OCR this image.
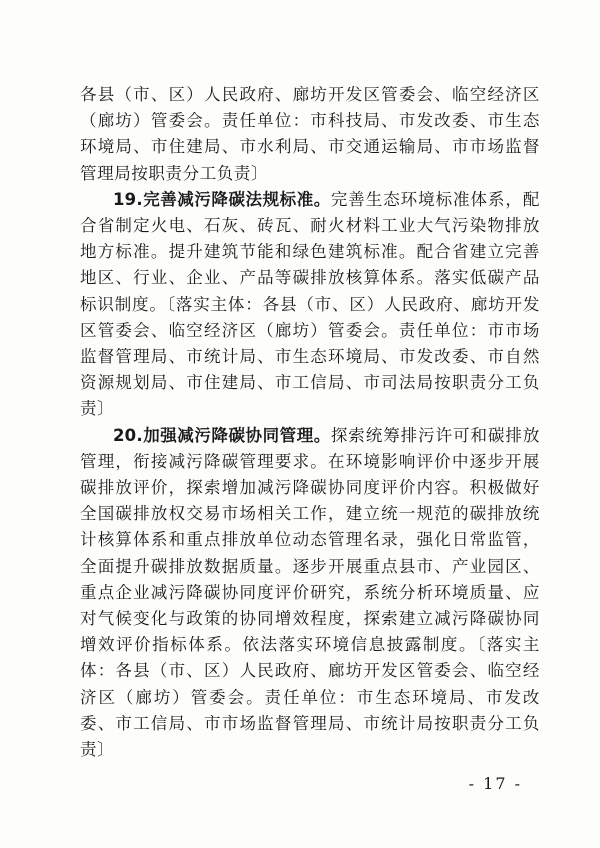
各县（市、区）人民政府、廊坊开发区管委会、临空经济区（廊坊）管委会。责任单位：市科技局、市发改委、市生态环境局、市住建局、市水利局、市交通运输局、市市场监督管理局按职责分工负责〕

19.完善减污降碳法规标准。完善生态环境标准体系，配合省制定火电、石灰、砖瓦、耐火材料工业大气污染物排放地方标准。提升建筑节能和绿色建筑标准。配合省建立完善地区、行业、企业、产品等碳排放核算体系。落实低碳产品标识制度。〔落实主体：各县（市、区）人民政府、廊坊开发区管委会、临空经济区（廊坊）管委会。责任单位：市市场监督管理局、市统计局、市生态环境局、市发改委、市自然资源规划局、市住建局、市工信局、市司法局按职责分工负责〕

20.加强减污降碳协同管理。探索统筹排污许可和碳排放管理，衔接减污降碳管理要求。在环境影响评价中逐步开展碳排放评价，探索增加减污降碳协同度评价内容。积极做好全国碳排放权交易市场相关工作，建立统一规范的碳排放统计核算体系和重点排放单位动态管理名录，强化日常监管，全面提升碳排放数据质量。逐步开展重点县市、产业园区、重点企业减污降碳协同度评价研究，系统分析环境质量、应对气候变化与政策的协同增效程度，探索建立减污降碳协同增效评价指标体系。依法落实环境信息披露制度。〔落实主体：各县（市、区）人民政府、廊坊开发区管委会、临空经济区（廊坊）管委会。责任单位：市生态环境局、市发改委、市工信局、市市场监督管理局、市统计局按职责分工负责〕

- 17 -
